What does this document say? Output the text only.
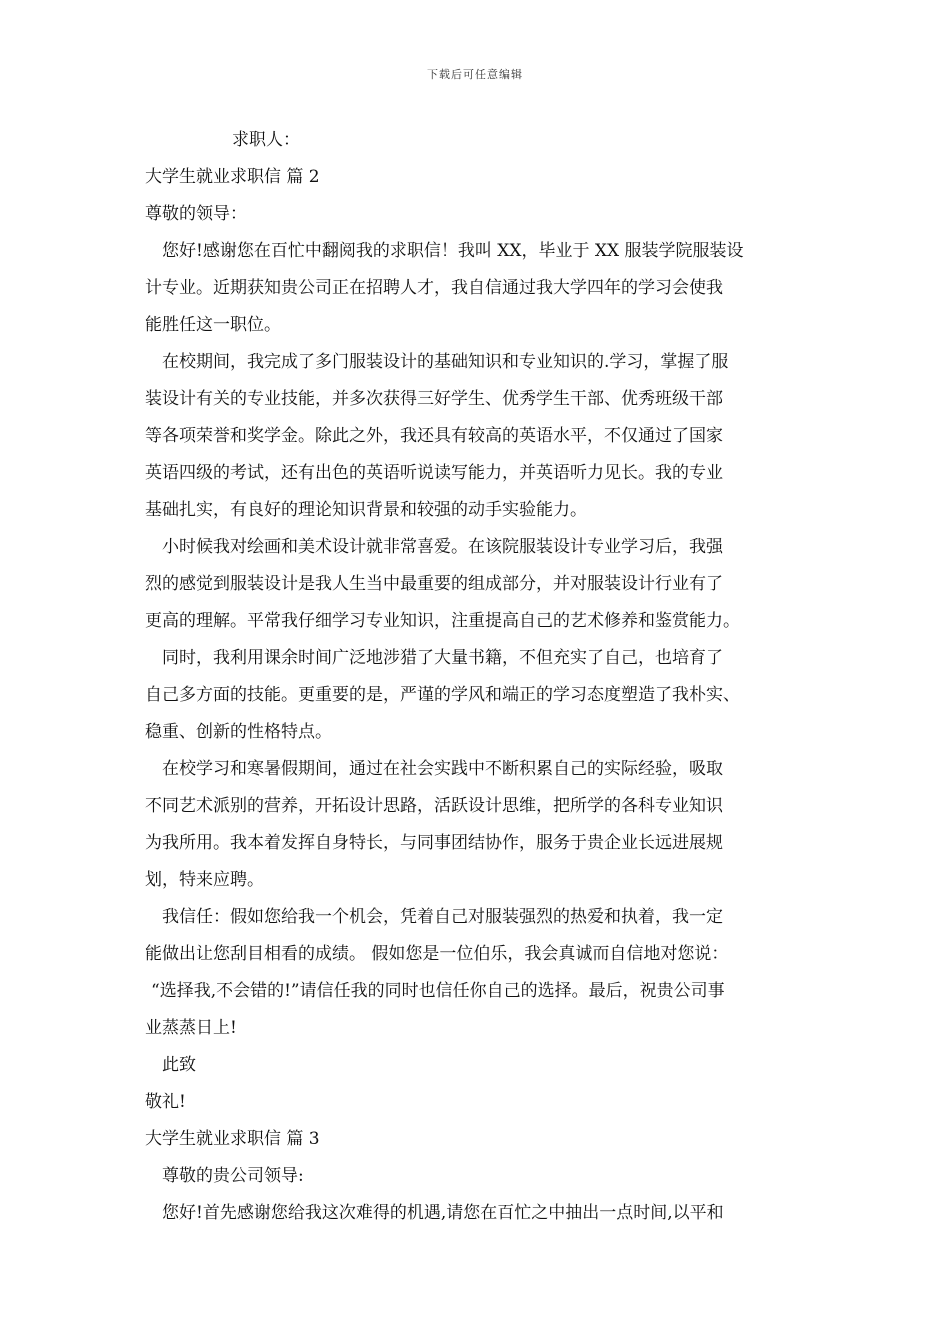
下载后可任意编辑
求职人：
大学生就业求职信 篇 2
尊敬的领导：
您好!感谢您在百忙中翻阅我的求职信！我叫 XX，毕业于 XX 服装学院服装设
计专业。近期获知贵公司正在招聘人才，我自信通过我大学四年的学习会使我
能胜任这一职位。
在校期间，我完成了多门服装设计的基础知识和专业知识的.学习，掌握了服
装设计有关的专业技能，并多次获得三好学生、优秀学生干部、优秀班级干部
等各项荣誉和奖学金。除此之外，我还具有较高的英语水平，不仅通过了国家
英语四级的考试，还有出色的英语听说读写能力，并英语听力见长。我的专业
基础扎实，有良好的理论知识背景和较强的动手实验能力。
小时候我对绘画和美术设计就非常喜爱。在该院服装设计专业学习后，我强
烈的感觉到服装设计是我人生当中最重要的组成部分，并对服装设计行业有了
更高的理解。平常我仔细学习专业知识，注重提高自己的艺术修养和鉴赏能力。
同时，我利用课余时间广泛地涉猎了大量书籍，不但充实了自己，也培育了
自己多方面的技能。更重要的是，严谨的学风和端正的学习态度塑造了我朴实、
稳重、创新的性格特点。
在校学习和寒暑假期间，通过在社会实践中不断积累自己的实际经验，吸取
不同艺术派别的营养，开拓设计思路，活跃设计思维，把所学的各科专业知识
为我所用。我本着发挥自身特长，与同事团结协作，服务于贵企业长远进展规
划，特来应聘。
我信任：假如您给我一个机会，凭着自己对服装强烈的热爱和执着，我一定
能做出让您刮目相看的成绩。 假如您是一位伯乐，我会真诚而自信地对您说：
“选择我,不会错的!”请信任我的同时也信任你自己的选择。最后，祝贵公司事
业蒸蒸日上!
此致
敬礼!
大学生就业求职信 篇 3
尊敬的贵公司领导:
您好!首先感谢您给我这次难得的机遇,请您在百忙之中抽出一点时间,以平和
